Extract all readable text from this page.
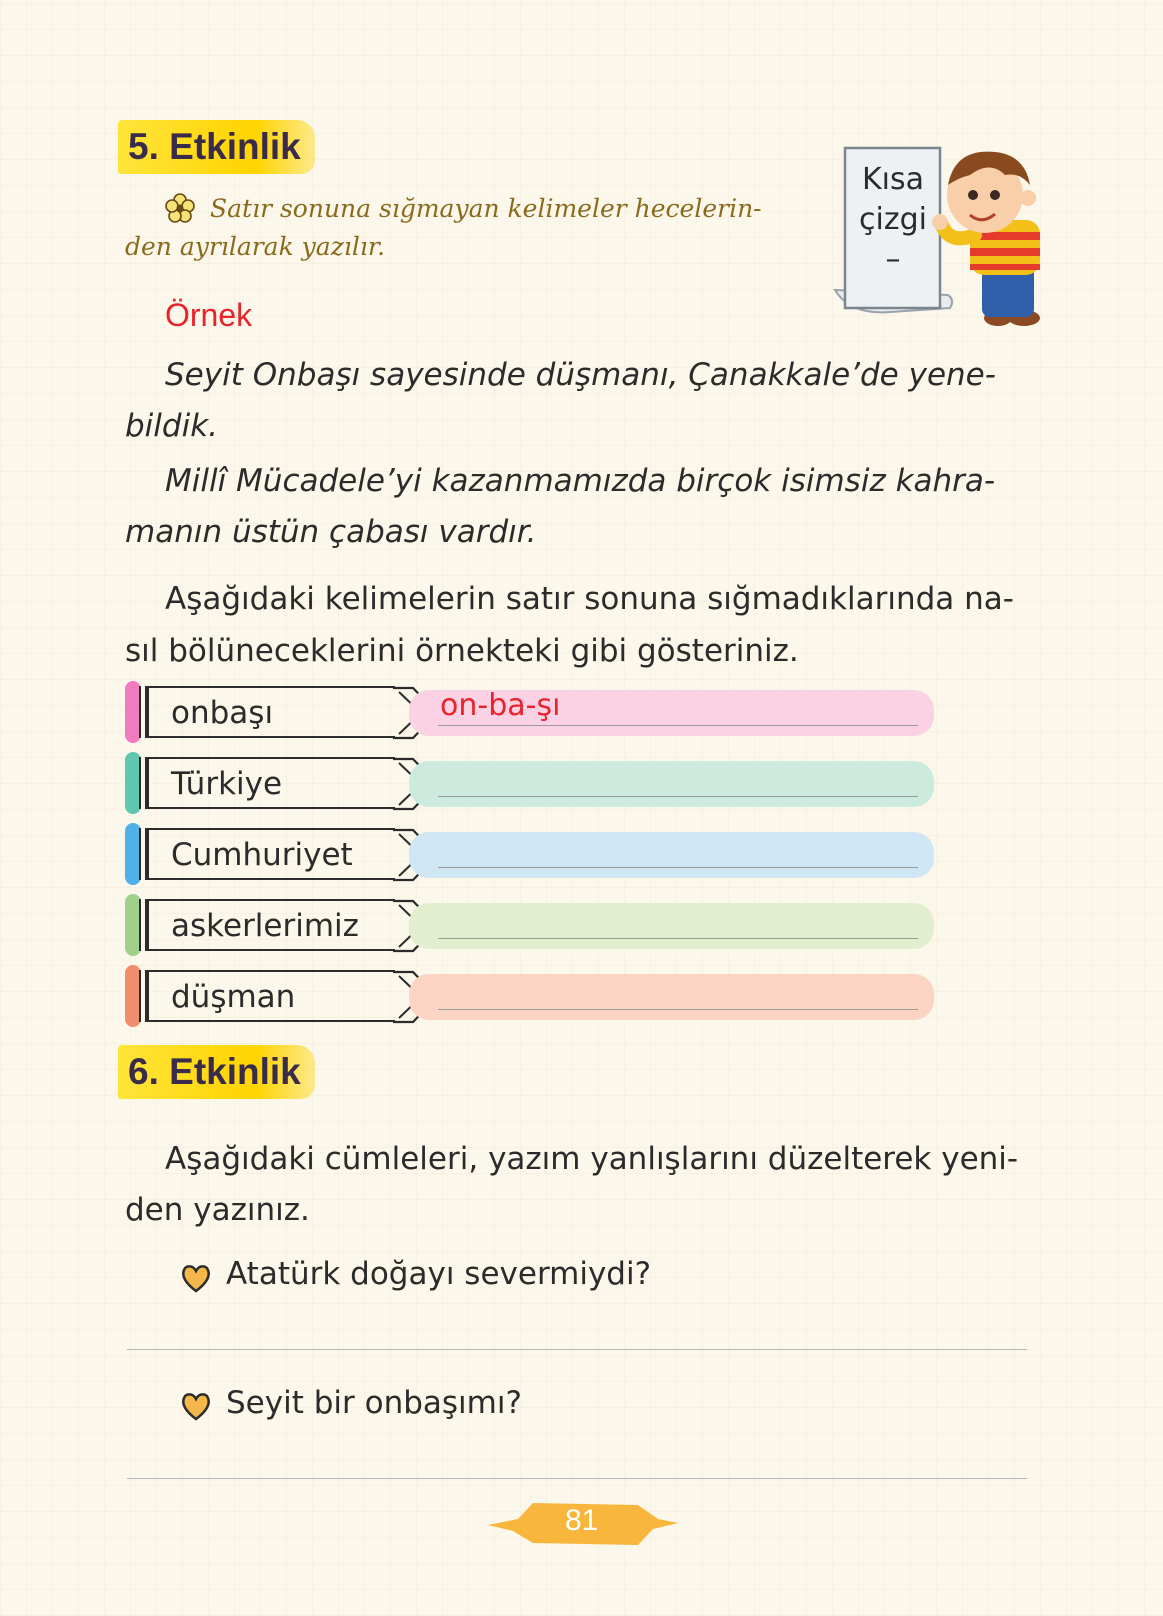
5. Etkinlik
Satır sonuna sığmayan kelimeler hecelerin-
den ayrılarak yazılır.
Kısa
çizgi
–
Örnek
Seyit Onbaşı sayesinde düşmanı, Çanakkale’de yene-
bildik.
Millî Mücadele’yi kazanmamızda birçok isimsiz kahra-
manın üstün çabası vardır.
Aşağıdaki kelimelerin satır sonuna sığmadıklarında na-
sıl bölüneceklerini örnekteki gibi gösteriniz.
onbaşı	on-ba-şı
Türkiye
Cumhuriyet
askerlerimiz
düşman
6. Etkinlik
Aşağıdaki cümleleri, yazım yanlışlarını düzelterek yeni-
den yazınız.
Atatürk doğayı severmiydi?
Seyit bir onbaşımı?
81
